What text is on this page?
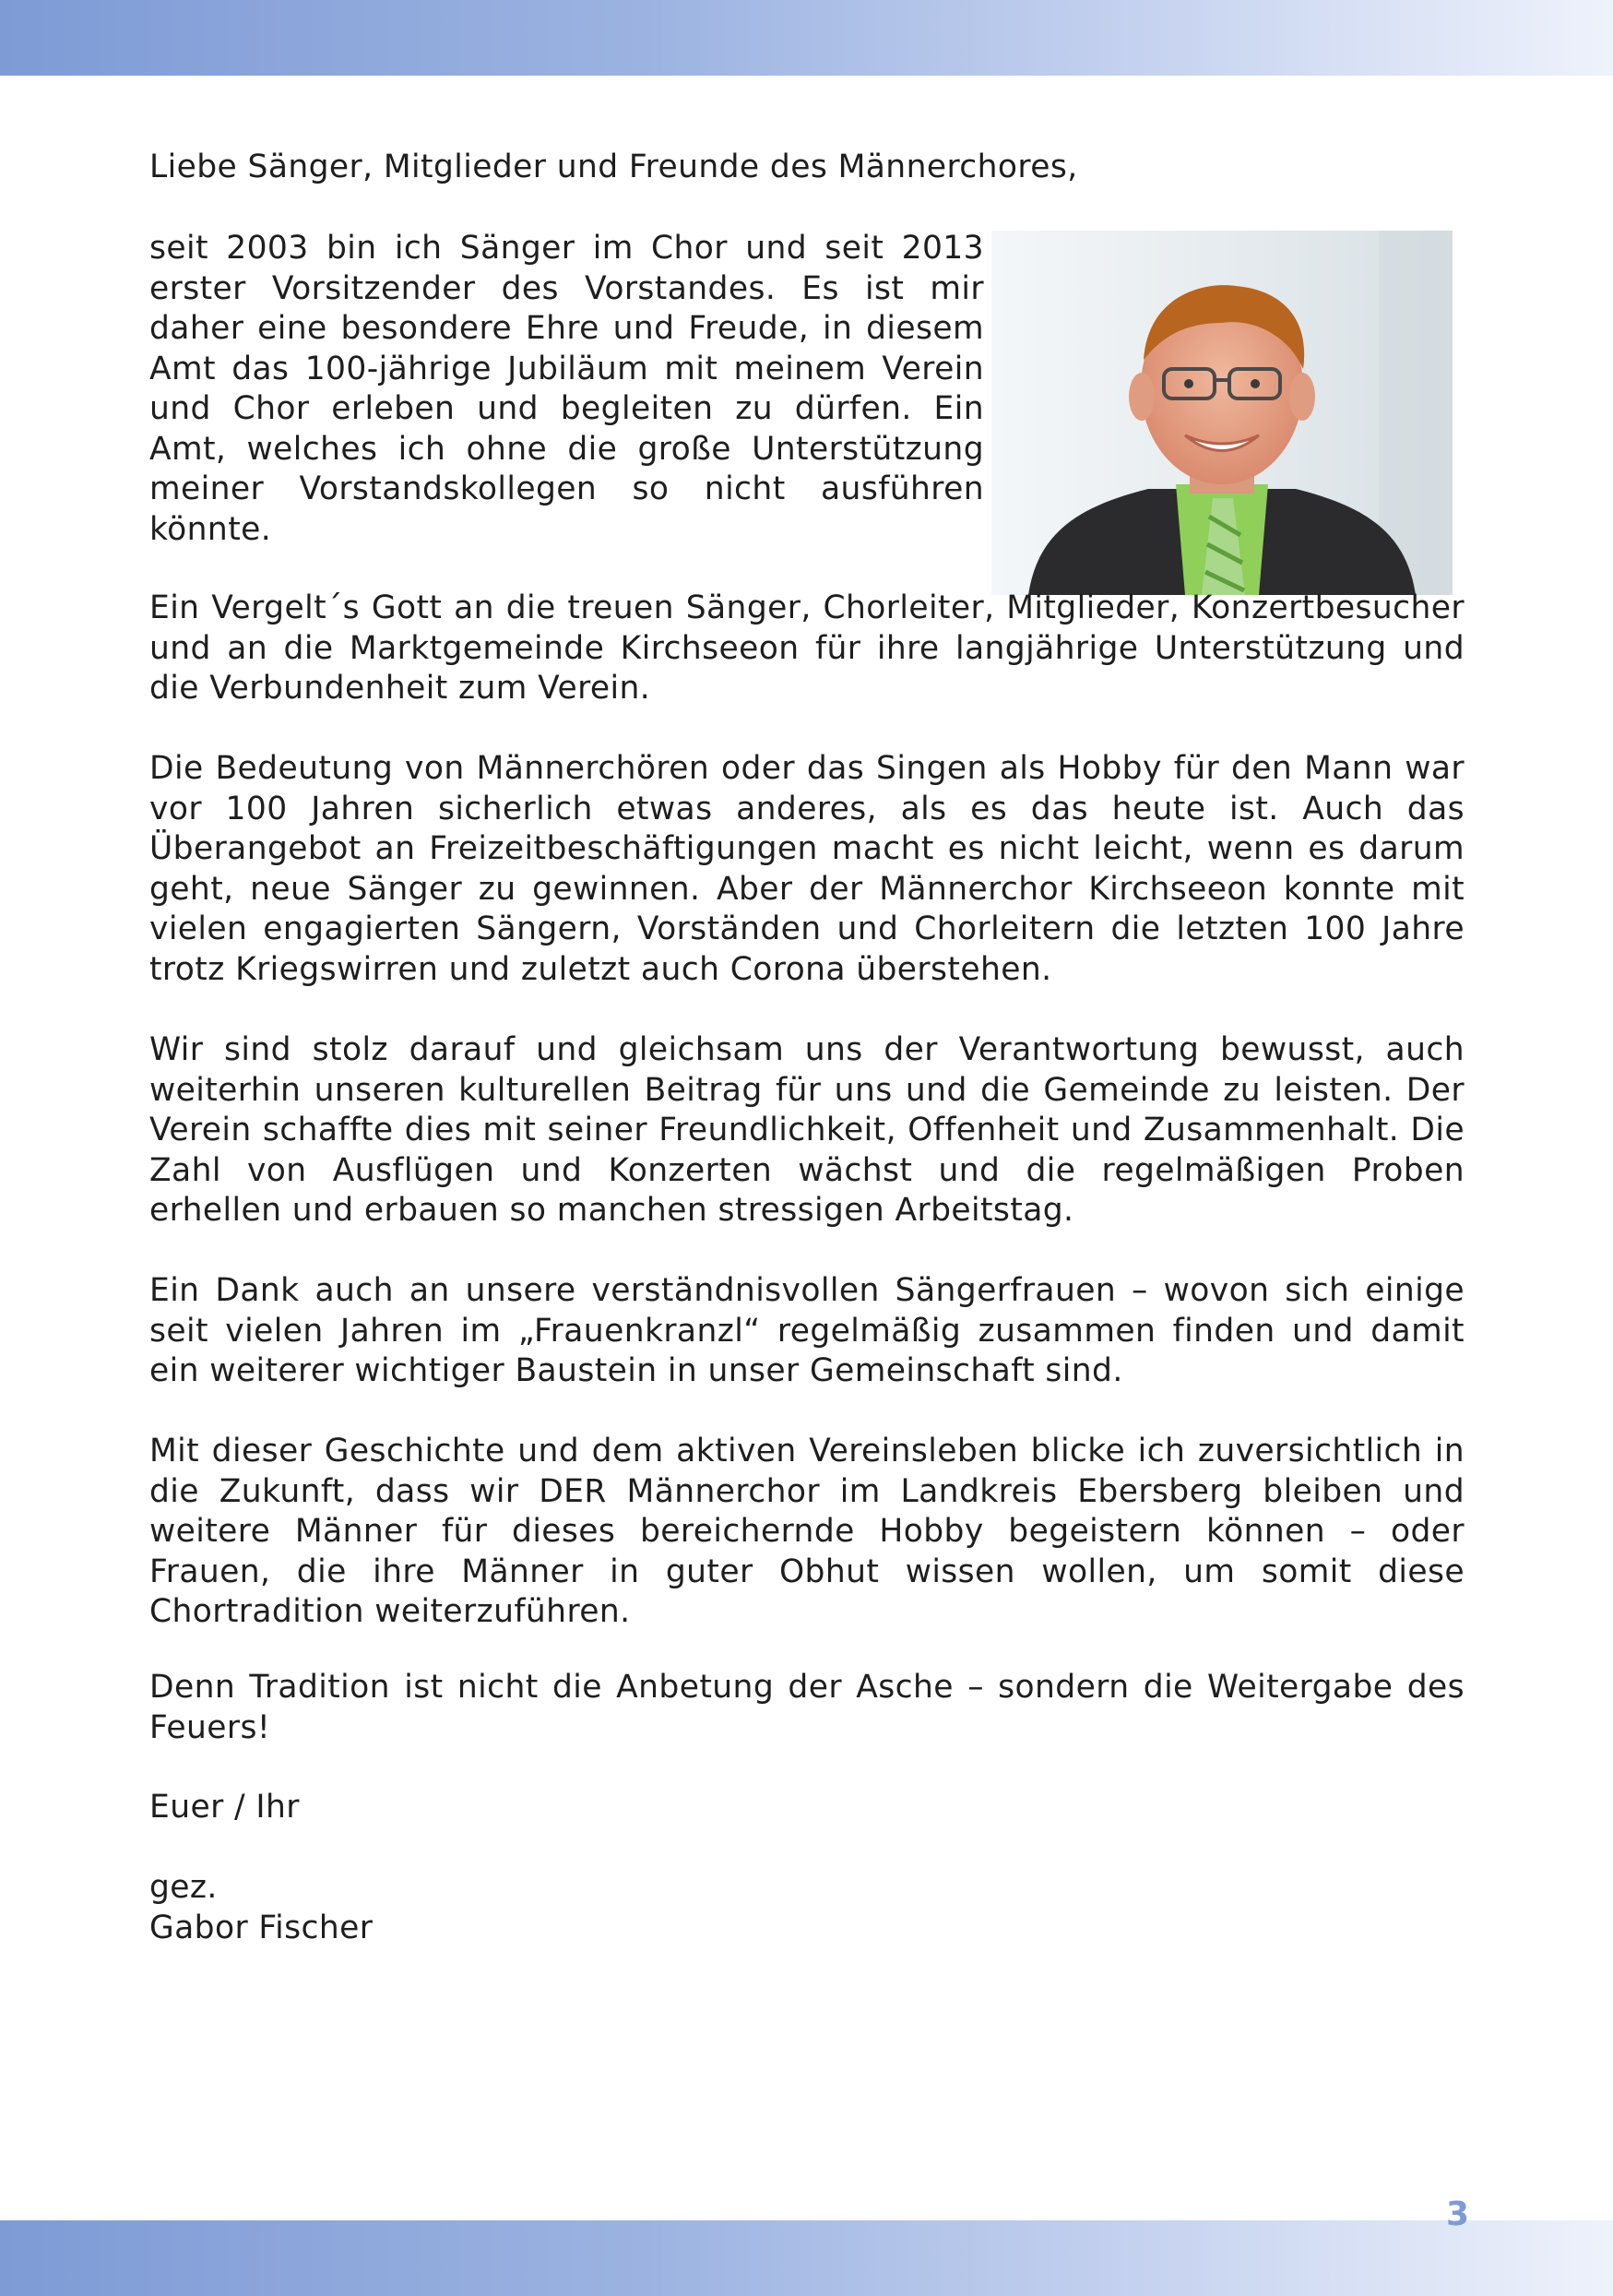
Liebe Sänger, Mitglieder und Freunde des Männerchores,
seit 2003 bin ich Sänger im Chor und seit 2013 erster Vorsitzender des Vorstandes. Es ist mir daher eine besondere Ehre und Freude, in diesem Amt das 100-jährige Jubiläum mit meinem Verein und Chor erleben und begleiten zu dürfen. Ein Amt, welches ich ohne die große Unterstützung meiner Vorstandskollegen so nicht ausführen könnte.
Ein Vergelt´s Gott an die treuen Sänger, Chorleiter, Mitglieder, Konzertbesucher und an die Marktgemeinde Kirchseeon für ihre langjährige Unterstützung und die Verbundenheit zum Verein.
Die Bedeutung von Männerchören oder das Singen als Hobby für den Mann war vor 100 Jahren sicherlich etwas anderes, als es das heute ist. Auch das Überangebot an Freizeitbeschäftigungen macht es nicht leicht, wenn es darum geht, neue Sänger zu gewinnen. Aber der Männerchor Kirchseeon konnte mit vielen engagierten Sängern, Vorständen und Chorleitern die letzten 100 Jahre trotz Kriegswirren und zuletzt auch Corona überstehen.
Wir sind stolz darauf und gleichsam uns der Verantwortung bewusst, auch weiterhin unseren kulturellen Beitrag für uns und die Gemeinde zu leisten. Der Verein schaffte dies mit seiner Freundlichkeit, Offenheit und Zusammenhalt. Die Zahl von Ausflügen und Konzerten wächst und die regelmäßigen Proben erhellen und erbauen so manchen stressigen Arbeitstag.
Ein Dank auch an unsere verständnisvollen Sängerfrauen – wovon sich einige seit vielen Jahren im „Frauenkranzl“ regelmäßig zusammen finden und damit ein weiterer wichtiger Baustein in unser Gemeinschaft sind.
Mit dieser Geschichte und dem aktiven Vereinsleben blicke ich zuversichtlich in die Zukunft, dass wir DER Männerchor im Landkreis Ebersberg bleiben und weitere Männer für dieses bereichernde Hobby begeistern können – oder Frauen, die ihre Männer in guter Obhut wissen wollen, um somit diese Chortradition weiterzuführen.
Denn Tradition ist nicht die Anbetung der Asche – sondern die Weitergabe des Feuers!
Euer / Ihr
gez.
Gabor Fischer
3
